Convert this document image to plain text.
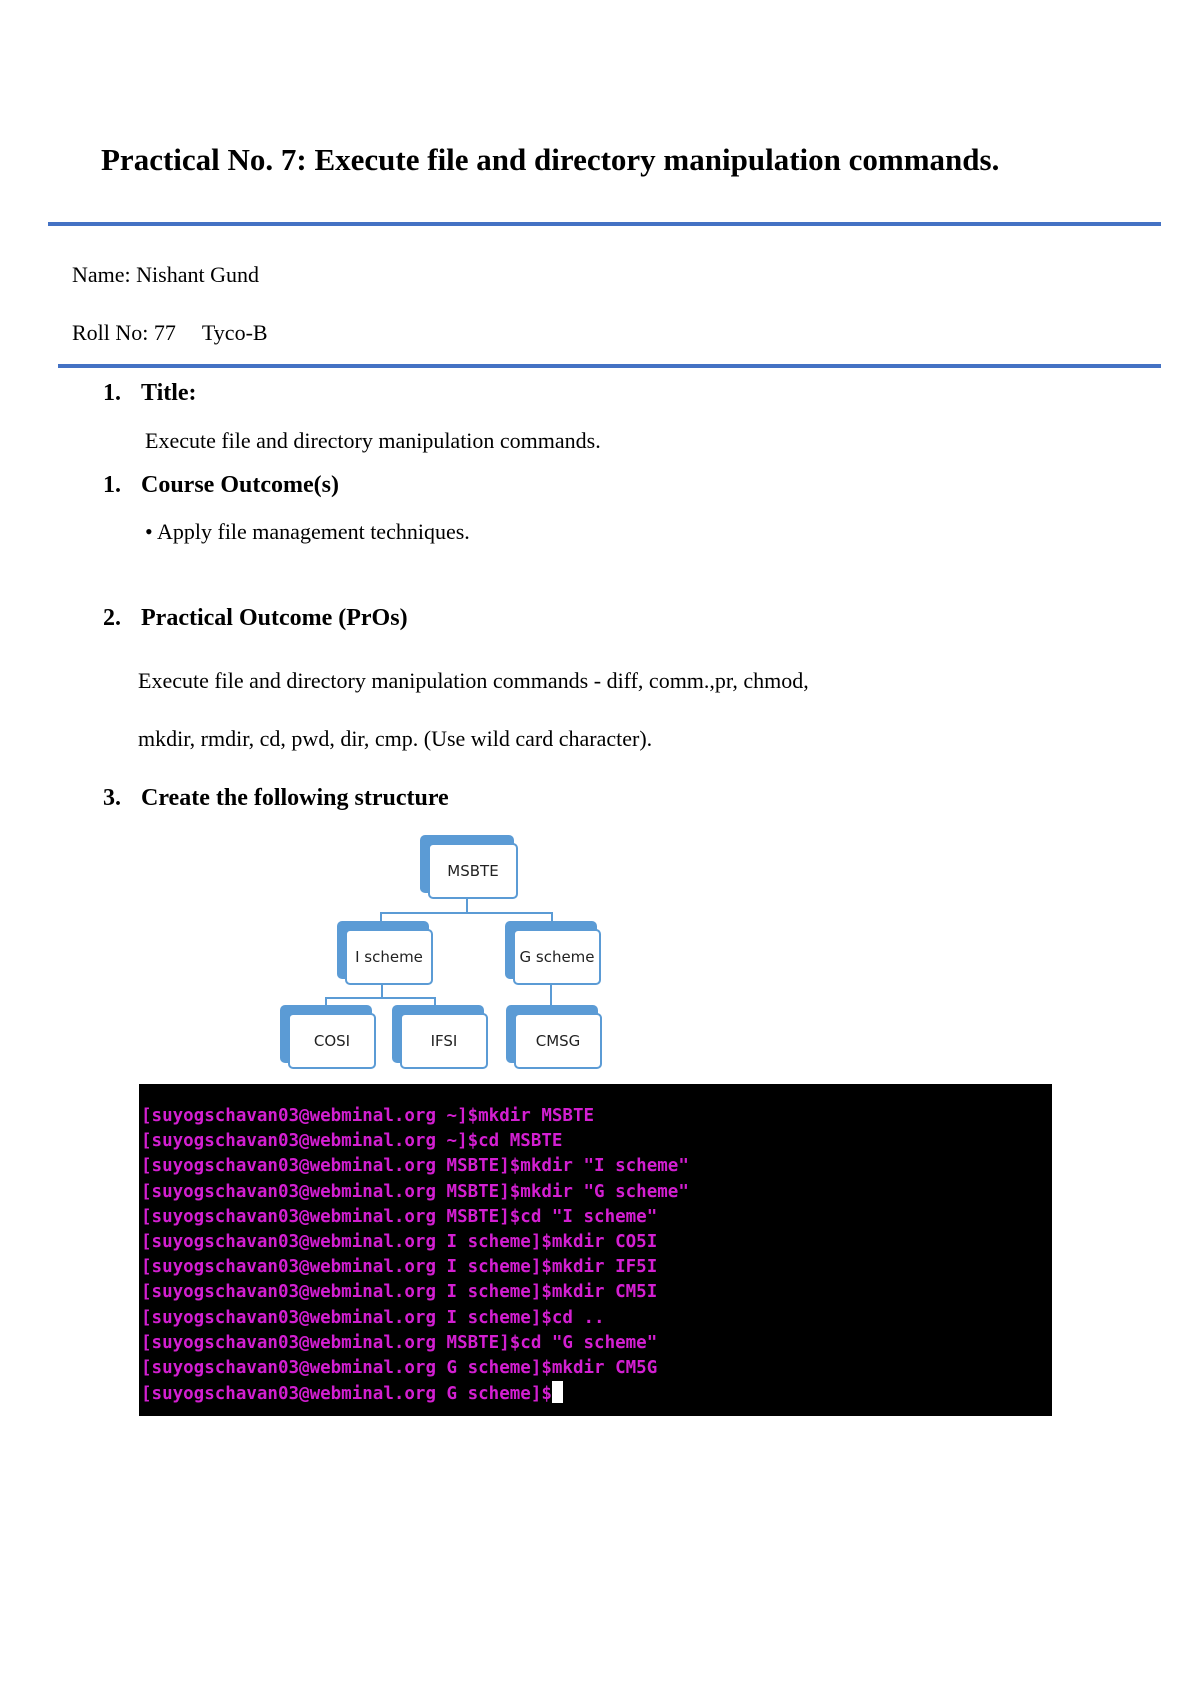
Practical No. 7: Execute file and directory manipulation commands.
Name: Nishant Gund
Roll No: 77 Tyco-B
1. Title:
Execute file and directory manipulation commands.
1. Course Outcome(s)
• Apply file management techniques.
2. Practical Outcome (PrOs)
Execute file and directory manipulation commands - diff, comm.,pr, chmod,
mkdir, rmdir, cd, pwd, dir, cmp. (Use wild card character).
3. Create the following structure
MSBTE
I scheme	G scheme
COSI	IFSI	CMSG
[suyogschavan03@webminal.org ~]$mkdir MSBTE
[suyogschavan03@webminal.org ~]$cd MSBTE
[suyogschavan03@webminal.org MSBTE]$mkdir "I scheme"
[suyogschavan03@webminal.org MSBTE]$mkdir "G scheme"
[suyogschavan03@webminal.org MSBTE]$cd "I scheme"
[suyogschavan03@webminal.org I scheme]$mkdir CO5I
[suyogschavan03@webminal.org I scheme]$mkdir IF5I
[suyogschavan03@webminal.org I scheme]$mkdir CM5I
[suyogschavan03@webminal.org I scheme]$cd ..
[suyogschavan03@webminal.org MSBTE]$cd "G scheme"
[suyogschavan03@webminal.org G scheme]$mkdir CM5G
[suyogschavan03@webminal.org G scheme]$
